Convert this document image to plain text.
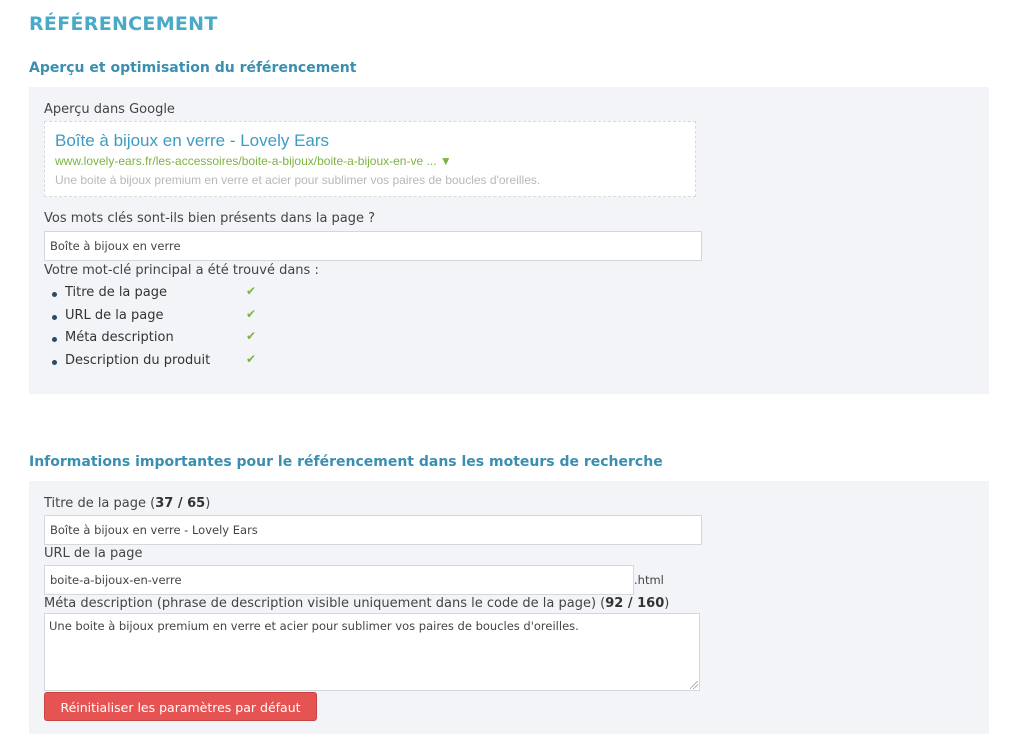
RÉFÉRENCEMENT
Aperçu et optimisation du référencement
Aperçu dans Google
Boîte à bijoux en verre - Lovely Ears
www.lovely-ears.fr/les-accessoires/boite-a-bijoux/boite-a-bijoux-en-ve ... ▼
Une boite à bijoux premium en verre et acier pour sublimer vos paires de boucles d'oreilles.
Vos mots clés sont-ils bien présents dans la page ?
Boîte à bijoux en verre
Votre mot-clé principal a été trouvé dans :
Titre de la page	✔
URL de la page	✔
Méta description	✔
Description du produit	✔
Informations importantes pour le référencement dans les moteurs de recherche
Titre de la page (37 / 65)
Boîte à bijoux en verre - Lovely Ears
URL de la page
boite-a-bijoux-en-verre
.html
Méta description (phrase de description visible uniquement dans le code de la page) (92 / 160)
Une boite à bijoux premium en verre et acier pour sublimer vos paires de boucles d'oreilles.
Réinitialiser les paramètres par défaut
